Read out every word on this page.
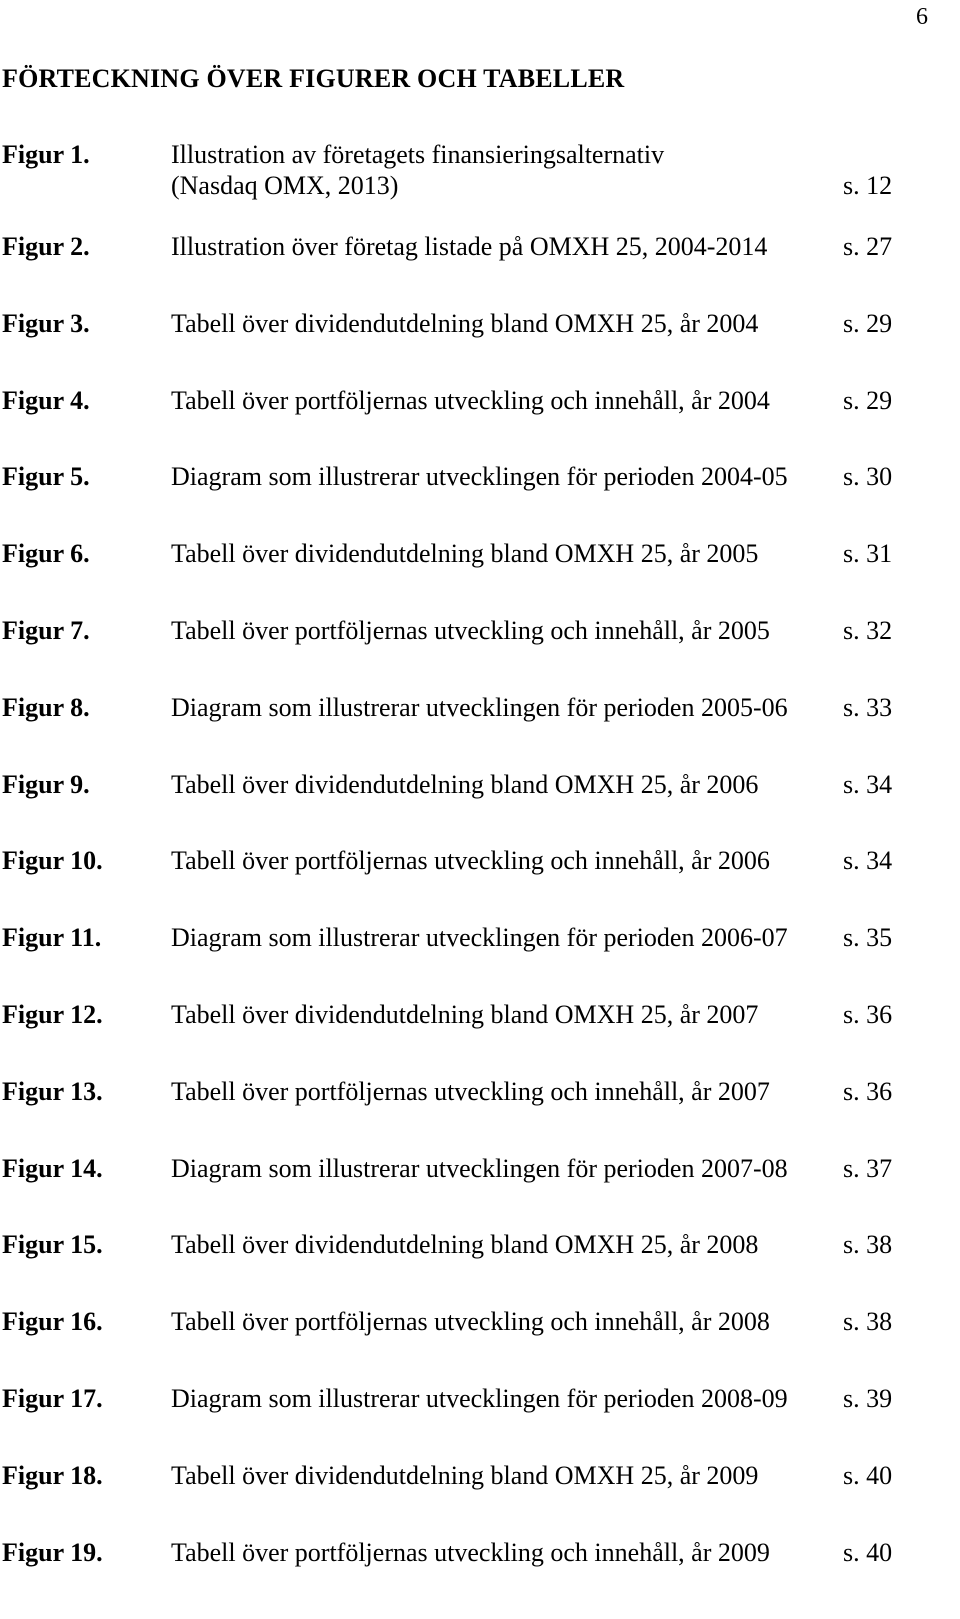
6
FÖRTECKNING ÖVER FIGURER OCH TABELLER
Figur 1.	Illustration av företagets finansieringsalternativ
(Nasdaq OMX, 2013)	s. 12
Figur 2.	Illustration över företag listade på OMXH 25, 2004-2014	s. 27
Figur 3.	Tabell över dividendutdelning bland OMXH 25, år 2004	s. 29
Figur 4.	Tabell över portföljernas utveckling och innehåll, år 2004	s. 29
Figur 5.	Diagram som illustrerar utvecklingen för perioden 2004-05	s. 30
Figur 6.	Tabell över dividendutdelning bland OMXH 25, år 2005	s. 31
Figur 7.	Tabell över portföljernas utveckling och innehåll, år 2005	s. 32
Figur 8.	Diagram som illustrerar utvecklingen för perioden 2005-06	s. 33
Figur 9.	Tabell över dividendutdelning bland OMXH 25, år 2006	s. 34
Figur 10.	Tabell över portföljernas utveckling och innehåll, år 2006	s. 34
Figur 11.	Diagram som illustrerar utvecklingen för perioden 2006-07	s. 35
Figur 12.	Tabell över dividendutdelning bland OMXH 25, år 2007	s. 36
Figur 13.	Tabell över portföljernas utveckling och innehåll, år 2007	s. 36
Figur 14.	Diagram som illustrerar utvecklingen för perioden 2007-08	s. 37
Figur 15.	Tabell över dividendutdelning bland OMXH 25, år 2008	s. 38
Figur 16.	Tabell över portföljernas utveckling och innehåll, år 2008	s. 38
Figur 17.	Diagram som illustrerar utvecklingen för perioden 2008-09	s. 39
Figur 18.	Tabell över dividendutdelning bland OMXH 25, år 2009	s. 40
Figur 19.	Tabell över portföljernas utveckling och innehåll, år 2009	s. 40
